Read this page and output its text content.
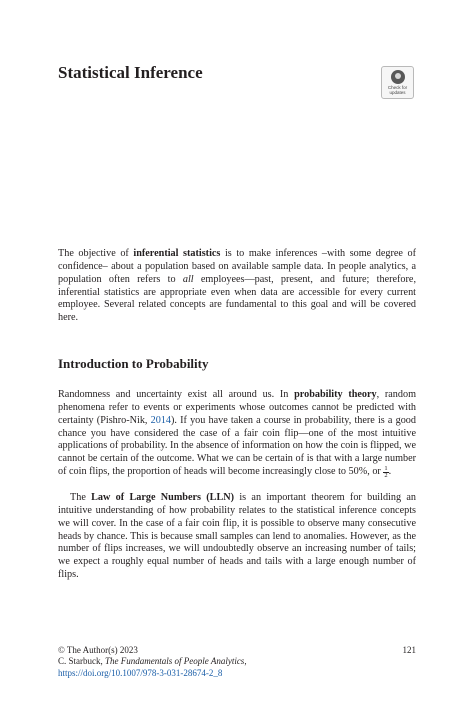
Statistical Inference
Check for
updates

The objective of inferential statistics is to make inferences –with some degree of confidence– about a population based on available sample data. In people analytics, a population often refers to all employees—past, present, and future; therefore, inferential statistics are appropriate even when data are accessible for every current employee. Several related concepts are fundamental to this goal and will be covered here.

Introduction to Probability

Randomness and uncertainty exist all around us. In probability theory, random phenomena refer to events or experiments whose outcomes cannot be predicted with certainty (Pishro-Nik, 2014). If you have taken a course in probability, there is a good chance you have considered the case of a fair coin flip—one of the most intuitive applications of probability. In the absence of information on how the coin is flipped, we cannot be certain of the outcome. What we can be certain of is that with a large number of coin flips, the proportion of heads will become increasingly close to 50%, or $\frac{1}{2}$ .

The Law of Large Numbers (LLN) is an important theorem for building an intuitive understanding of how probability relates to the statistical inference concepts we will cover. In the case of a fair coin flip, it is possible to observe many consecutive heads by chance. This is because small samples can lend to anomalies. However, as the number of flips increases, we will undoubtedly observe an increasing number of tails; we expect a roughly equal number of heads and tails with a large enough number of flips.

© The Author(s) 2023
C. Starbuck, The Fundamentals of People Analytics,
https://doi.org/10.1007/978-3-031-28674-2_8
121
